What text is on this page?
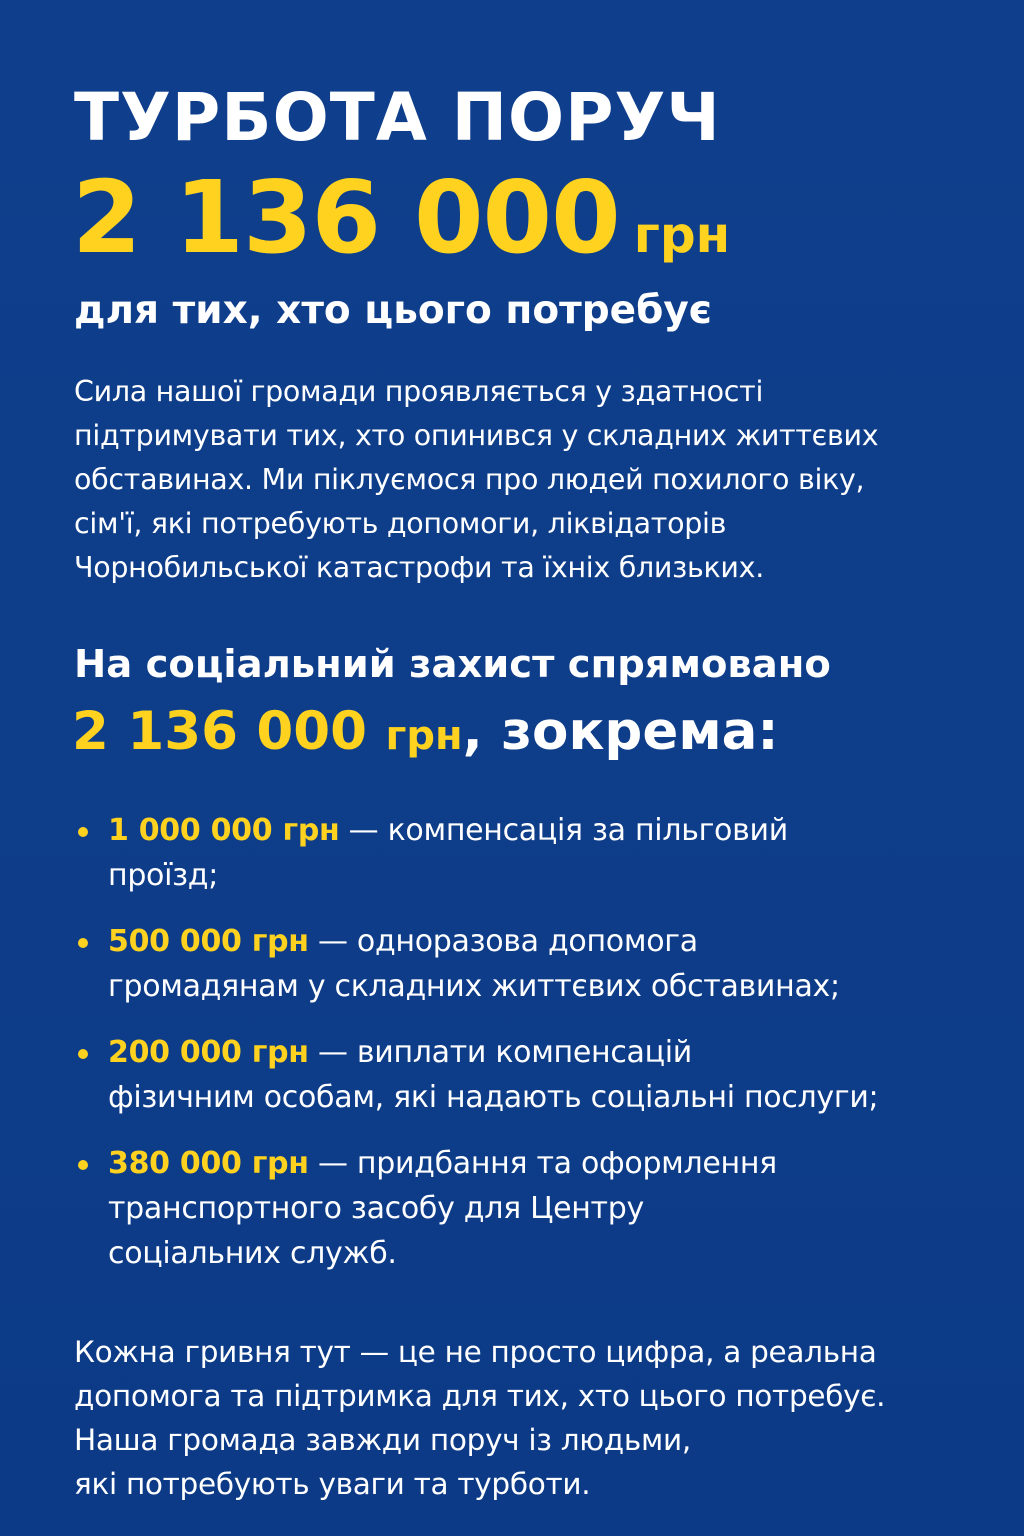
ТУРБОТА ПОРУЧ
2 136 000 грн
для тих, хто цього потребує
Сила нашої громади проявляється у здатності
підтримувати тих, хто опинився у складних життєвих
обставинах. Ми піклуємося про людей похилого віку,
сім'ї, які потребують допомоги, ліквідаторів
Чорнобильської катастрофи та їхніх близьких.
На соціальний захист спрямовано
2 136 000 грн, зокрема:
1 000 000 грн — компенсація за пільговий
проїзд;
500 000 грн — одноразова допомога
громадянам у складних життєвих обставинах;
200 000 грн — виплати компенсацій
фізичним особам, які надають соціальні послуги;
380 000 грн — придбання та оформлення
транспортного засобу для Центру
соціальних служб.
Кожна гривня тут — це не просто цифра, а реальна
допомога та підтримка для тих, хто цього потребує.
Наша громада завжди поруч із людьми,
які потребують уваги та турботи.
